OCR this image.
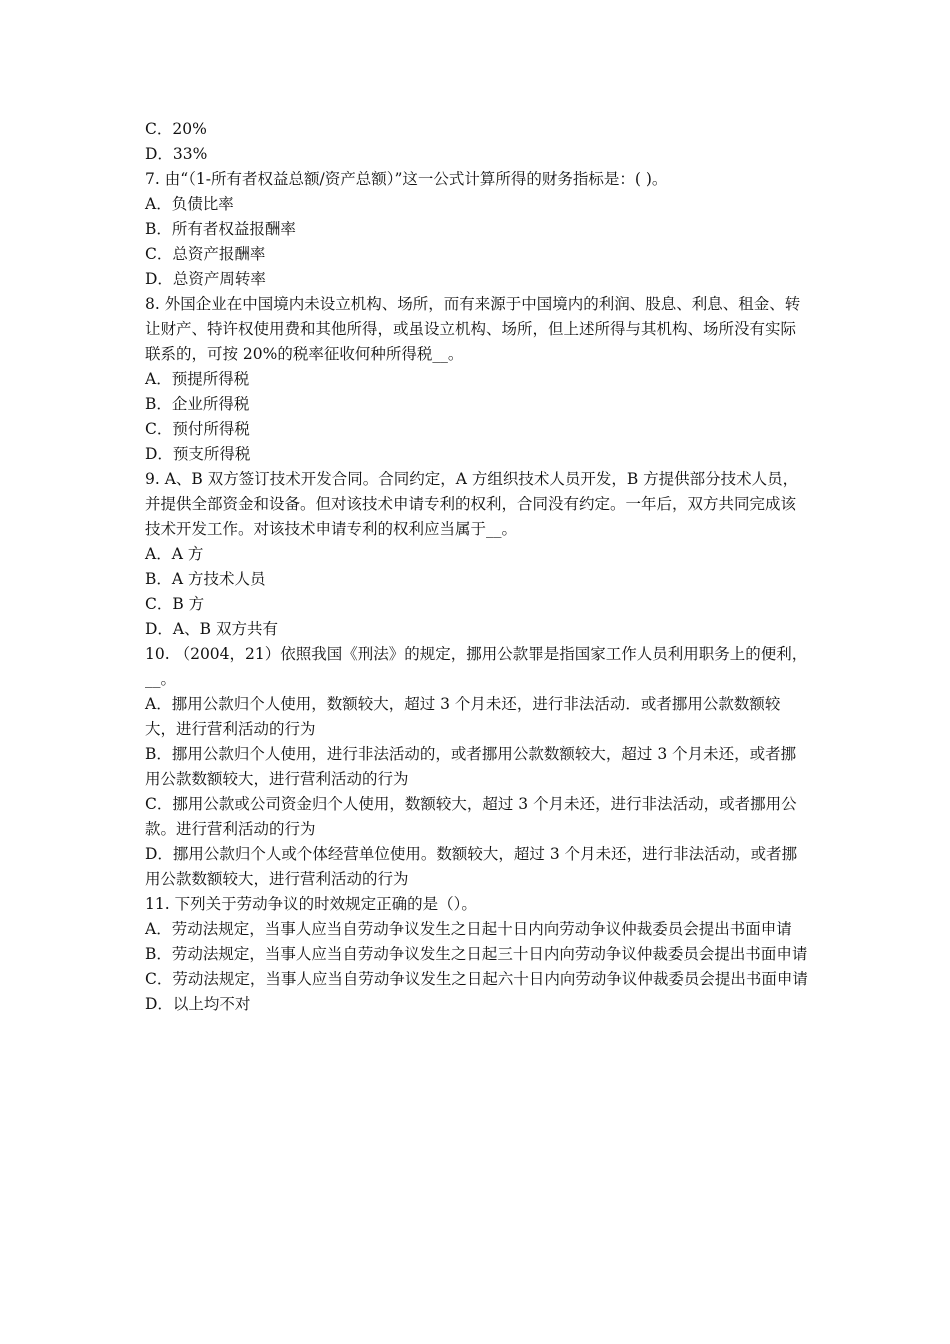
C．20%
D．33%
7. 由“（1-所有者权益总额/资产总额）”这一公式计算所得的财务指标是：( )。
A．负债比率
B．所有者权益报酬率
C．总资产报酬率
D．总资产周转率
8. 外国企业在中国境内未设立机构、场所，而有来源于中国境内的利润、股息、利息、租金、转让财产、特许权使用费和其他所得，或虽设立机构、场所，但上述所得与其机构、场所没有实际联系的，可按 20%的税率征收何种所得税__。
A．预提所得税
B．企业所得税
C．预付所得税
D．预支所得税
9. A、B 双方签订技术开发合同。合同约定，A 方组织技术人员开发，B 方提供部分技术人员，并提供全部资金和设备。但对该技术申请专利的权利，合同没有约定。一年后，双方共同完成该技术开发工作。对该技术申请专利的权利应当属于__。
A．A 方
B．A 方技术人员
C．B 方
D．A、B 双方共有
10. （2004，21）依照我国《刑法》的规定，挪用公款罪是指国家工作人员利用职务上的便利，__。
A．挪用公款归个人使用，数额较大，超过 3 个月未还，进行非法活动．或者挪用公款数额较大，进行营利活动的行为
B．挪用公款归个人使用，进行非法活动的，或者挪用公款数额较大，超过 3 个月未还，或者挪用公款数额较大，进行营利活动的行为
C．挪用公款或公司资金归个人使用，数额较大，超过 3 个月未还，进行非法活动，或者挪用公款。进行营利活动的行为
D．挪用公款归个人或个体经营单位使用。数额较大，超过 3 个月未还，进行非法活动，或者挪用公款数额较大，进行营利活动的行为
11. 下列关于劳动争议的时效规定正确的是（）。
A．劳动法规定，当事人应当自劳动争议发生之日起十日内向劳动争议仲裁委员会提出书面申请
B．劳动法规定，当事人应当自劳动争议发生之日起三十日内向劳动争议仲裁委员会提出书面申请
C．劳动法规定，当事人应当自劳动争议发生之日起六十日内向劳动争议仲裁委员会提出书面申请
D．以上均不对
